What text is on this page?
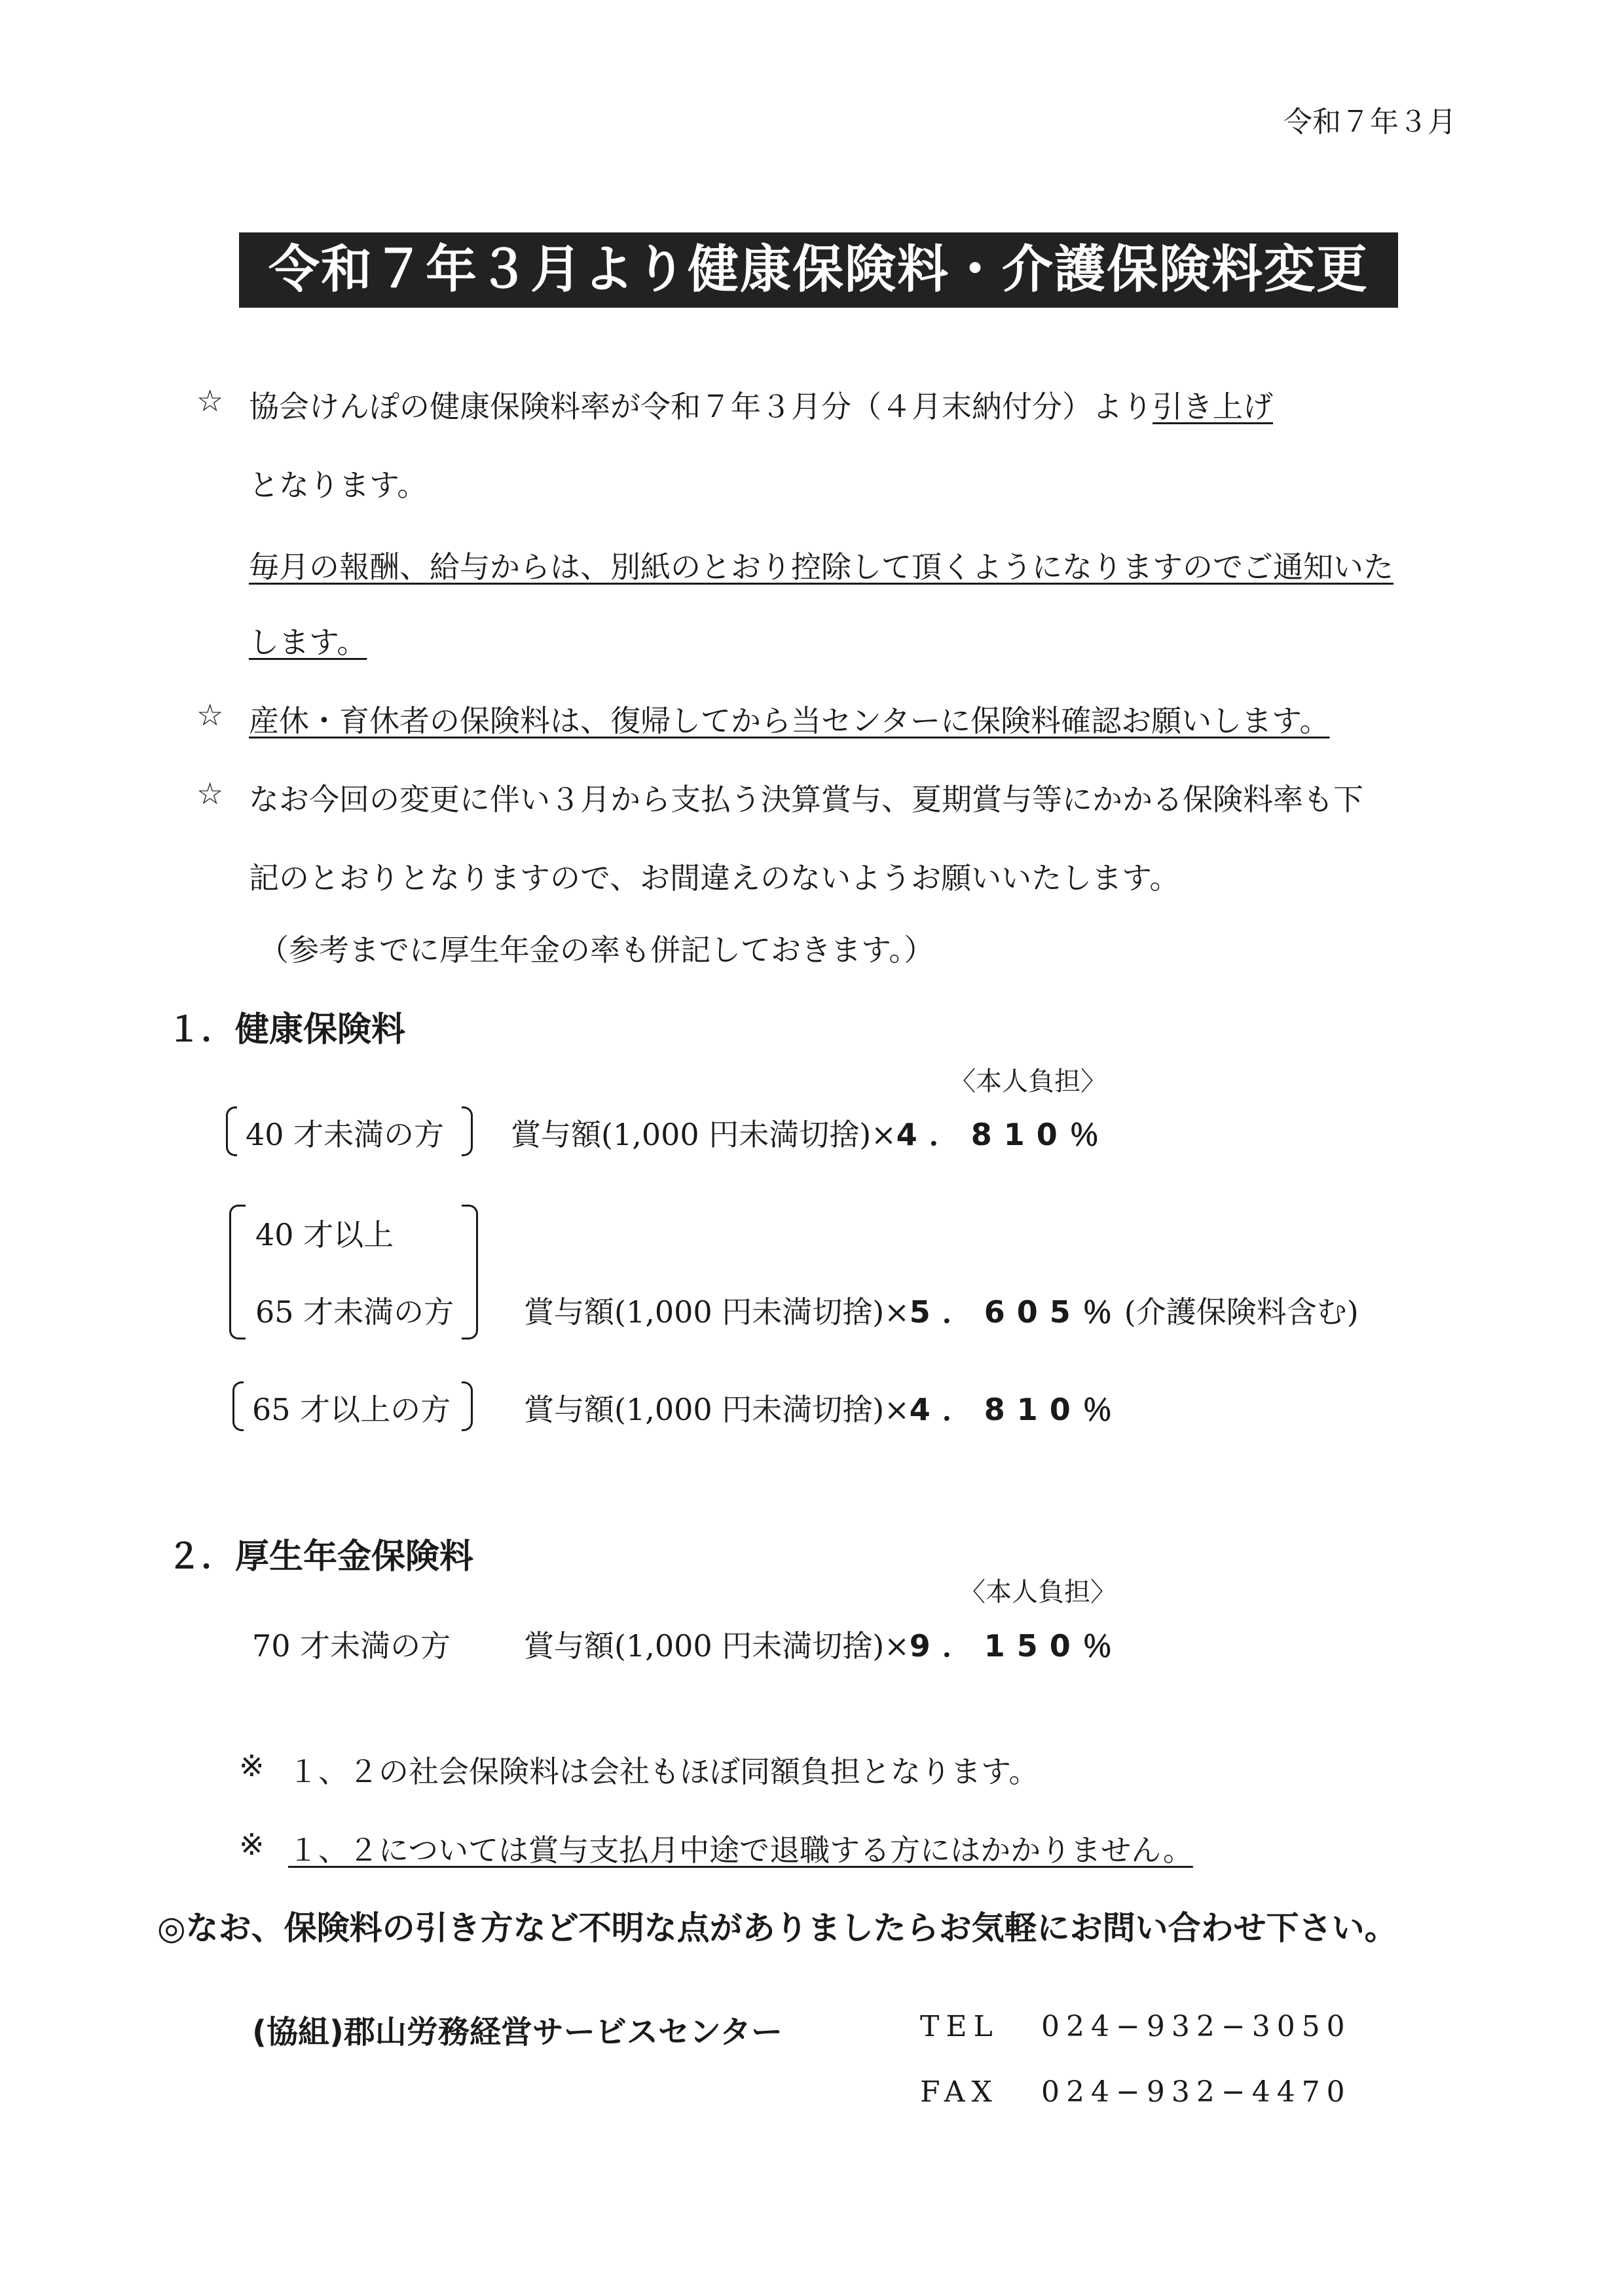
令和７年３月
令和７年３月より健康保険料・介護保険料変更
☆ 協会けんぽの健康保険料率が令和７年３月分（４月末納付分）より引き上げ
となります。
毎月の報酬、給与からは、別紙のとおり控除して頂くようになりますのでご通知いた
します。
☆ 産休・育休者の保険料は、復帰してから当センターに保険料確認お願いします。
☆ なお今回の変更に伴い３月から支払う決算賞与、夏期賞与等にかかる保険料率も下
記のとおりとなりますので、お間違えのないようお願いいたします。
（参考までに厚生年金の率も併記しておきます。）
１．健康保険料
〈本人負担〉
40 才未満の方 賞与額(1,000 円未満切捨)×4．810％
40 才以上
65 才未満の方 賞与額(1,000 円未満切捨)×5．605％(介護保険料含む)
65 才以上の方 賞与額(1,000 円未満切捨)×4．810％
２．厚生年金保険料
〈本人負担〉
70 才未満の方 賞与額(1,000 円未満切捨)×9．150％
※ １、２の社会保険料は会社もほぼ同額負担となります。
※ １、２については賞与支払月中途で退職する方にはかかりません。
◎なお、保険料の引き方など不明な点がありましたらお気軽にお問い合わせ下さい。
(協組)郡山労務経営サービスセンター	TEL 024−932−3050
FAX 024−932−4470
